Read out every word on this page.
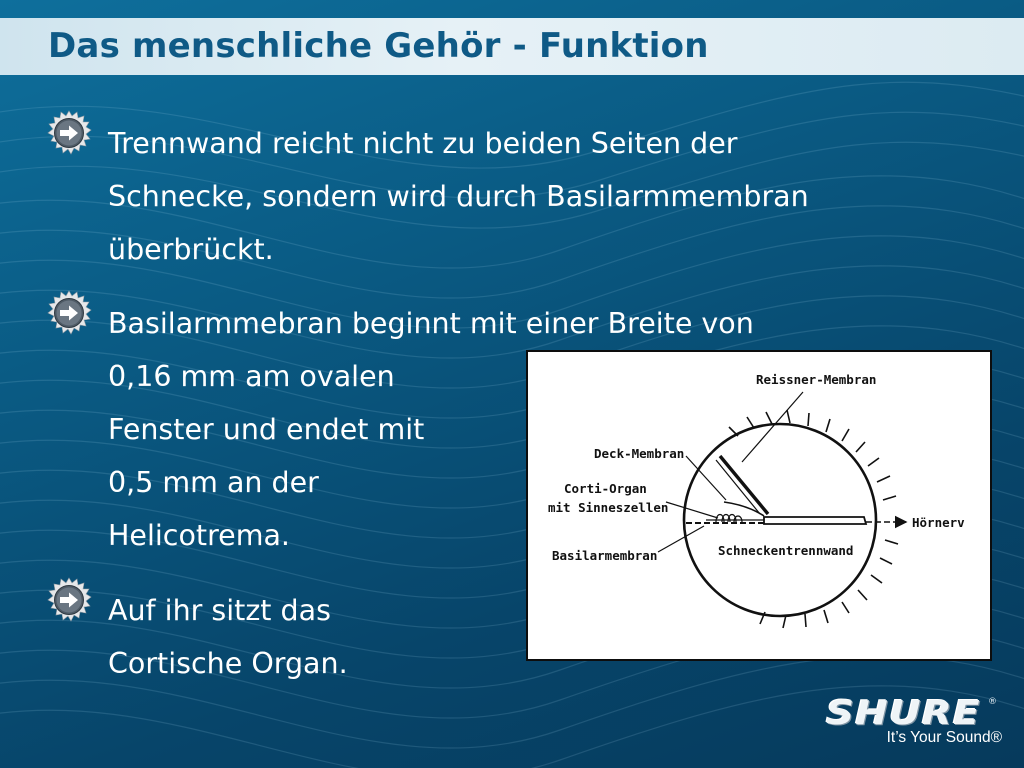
Das menschliche Gehör - Funktion

Trennwand reicht nicht zu beiden Seiten der

Schnecke, sondern wird durch Basilarmmembran

überbrückt.

Basilarmmebran beginnt mit einer Breite von

0,16 mm am ovalen

Fenster und endet mit

0,5 mm an der

Helicotrema.

Auf ihr sitzt das

Cortische Organ.

Reissner-Membran
Deck-Membran
Corti-Organ
mit Sinneszellen
Basilarmembran	Schneckentrennwand
Hörnerv
SHURE ®
It’s Your Sound®
